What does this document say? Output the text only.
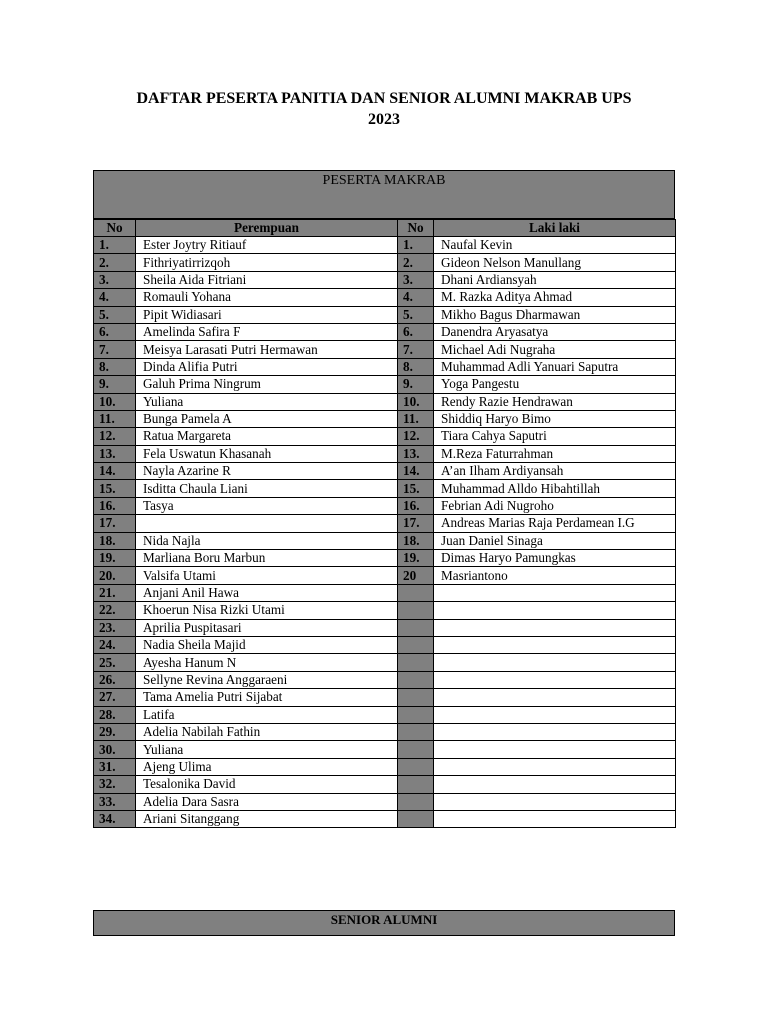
DAFTAR PESERTA PANITIA DAN SENIOR ALUMNI MAKRAB UPS
2023
PESERTA MAKRAB
No	Perempuan	No	Laki laki
1.	Ester Joytry Ritiauf	1.	Naufal Kevin
2.	Fithriyatirrizqoh	2.	Gideon Nelson Manullang
3.	Sheila Aida Fitriani	3.	Dhani Ardiansyah
4.	Romauli Yohana	4.	M. Razka Aditya Ahmad
5.	Pipit Widiasari	5.	Mikho Bagus Dharmawan
6.	Amelinda Safira F	6.	Danendra Aryasatya
7.	Meisya Larasati Putri Hermawan	7.	Michael Adi Nugraha
8.	Dinda Alifia Putri	8.	Muhammad Adli Yanuari Saputra
9.	Galuh Prima Ningrum	9.	Yoga Pangestu
10.	Yuliana	10.	Rendy Razie Hendrawan
11.	Bunga Pamela A	11.	Shiddiq Haryo Bimo
12.	Ratua Margareta	12.	Tiara Cahya Saputri
13.	Fela Uswatun Khasanah	13.	M.Reza Faturrahman
14.	Nayla Azarine R	14.	A’an Ilham Ardiyansah
15.	Isditta Chaula Liani	15.	Muhammad Alldo Hibahtillah
16.	Tasya	16.	Febrian Adi Nugroho
17.		17.	Andreas Marias Raja Perdamean I.G
18.	Nida Najla	18.	Juan Daniel Sinaga
19.	Marliana Boru Marbun	19.	Dimas Haryo Pamungkas
20.	Valsifa Utami	20	Masriantono
21.	Anjani Anil Hawa		
22.	Khoerun Nisa Rizki Utami		
23.	Aprilia Puspitasari		
24.	Nadia Sheila Majid		
25.	Ayesha Hanum N		
26.	Sellyne Revina Anggaraeni		
27.	Tama Amelia Putri Sijabat		
28.	Latifa		
29.	Adelia Nabilah Fathin		
30.	Yuliana		
31.	Ajeng Ulima		
32.	Tesalonika David		
33.	Adelia Dara Sasra		
34.	Ariani Sitanggang		
SENIOR ALUMNI
